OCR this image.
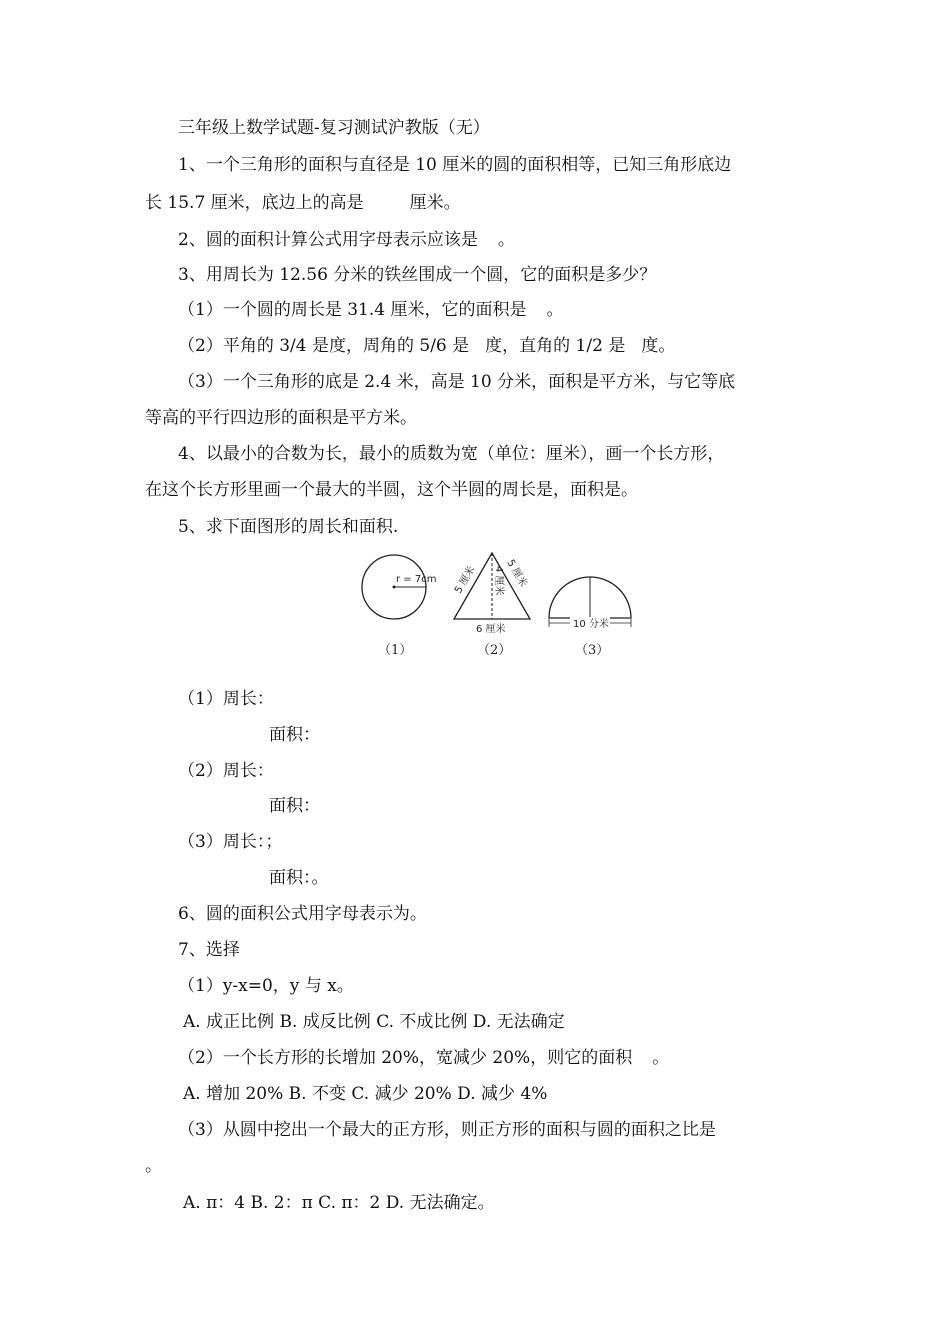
三年级上数学试题-复习测试沪教版（无）
1、一个三角形的面积与直径是 10 厘米的圆的面积相等，已知三角形底边
长 15.7 厘米，底边上的高是	厘米。
2、圆的面积计算公式用字母表示应该是 。
3、用周长为 12.56 分米的铁丝围成一个圆，它的面积是多少？
（1）一个圆的周长是 31.4 厘米，它的面积是 。
（2）平角的 3/4 是度，周角的 5/6 是 度，直角的 1/2 是 度。
（3）一个三角形的底是 2.4 米，高是 10 分米，面积是平方米，与它等底
等高的平行四边形的面积是平方米。
4、以最小的合数为长，最小的质数为宽（单位：厘米），画一个长方形，
在这个长方形里画一个最大的半圆，这个半圆的周长是，面积是。
5、求下面图形的周长和面积.
r = 7cm 5 厘米	5 厘米
4 厘米
6 厘米	10 分米
（1）	（2）	（3）
（1）周长：
面积：
（2）周长：
面积：
（3）周长：；
面积：。
6、圆的面积公式用字母表示为。
7、选择
（1）y-x=0，y 与 x。
A. 成正比例 B. 成反比例 C. 不成比例 D. 无法确定
（2）一个长方形的长增加 20%，宽减少 20%，则它的面积 。
A. 增加 20% B. 不变 C. 减少 20% D. 减少 4%
（3）从圆中挖出一个最大的正方形，则正方形的面积与圆的面积之比是
。
A. π：4 B. 2：π C. π：2 D. 无法确定。
